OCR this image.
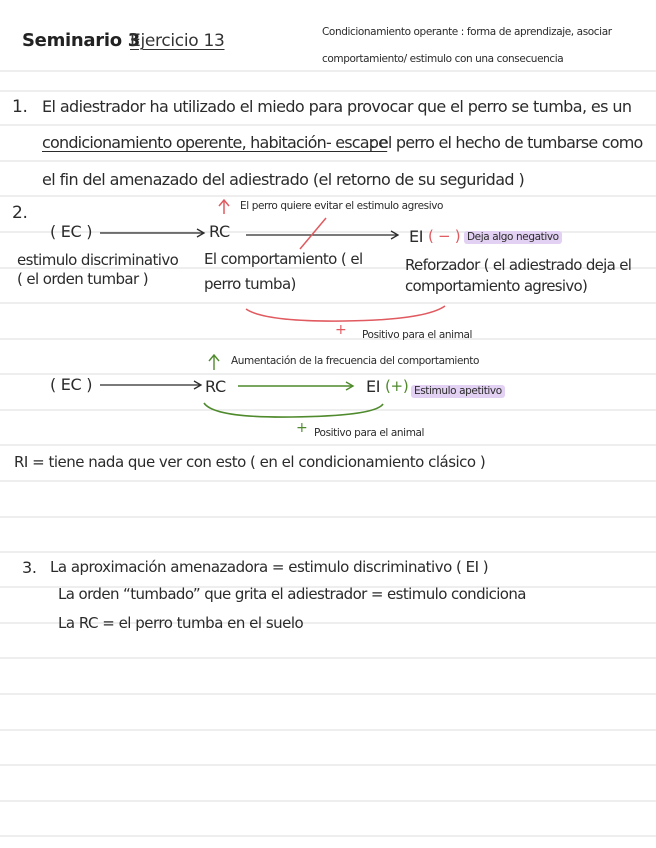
Seminario 3
Ejercicio 13	Condicionamiento operante : forma de aprendizaje, asociar
comportamiento/ estimulo con una consecuencia
1. El adiestrador ha utilizado el miedo para provocar que el perro se tumba, es un
condicionamiento operente, habitación- escape
: el perro el hecho de tumbarse como
el fin del amenazado del adiestrado (el retorno de su seguridad )
2.	El perro quiere evitar el estimulo agresivo
( EC )	RC	EI ( − ) Deja algo negativo
estimulo discriminativo
( el orden tumbar )
El comportamiento ( el
perro tumba)
Reforzador ( el adiestrado deja el
comportamiento agresivo)
+ Positivo para el animal
Aumentación de la frecuencia del comportamiento
( EC )	RC	EI (+) Estimulo apetitivo
+ Positivo para el animal
RI = tiene nada que ver con esto ( en el condicionamiento clásico )
3. La aproximación amenazadora = estimulo discriminativo ( EI )
La orden “tumbado” que grita el adiestrador = estimulo condiciona
La RC = el perro tumba en el suelo
